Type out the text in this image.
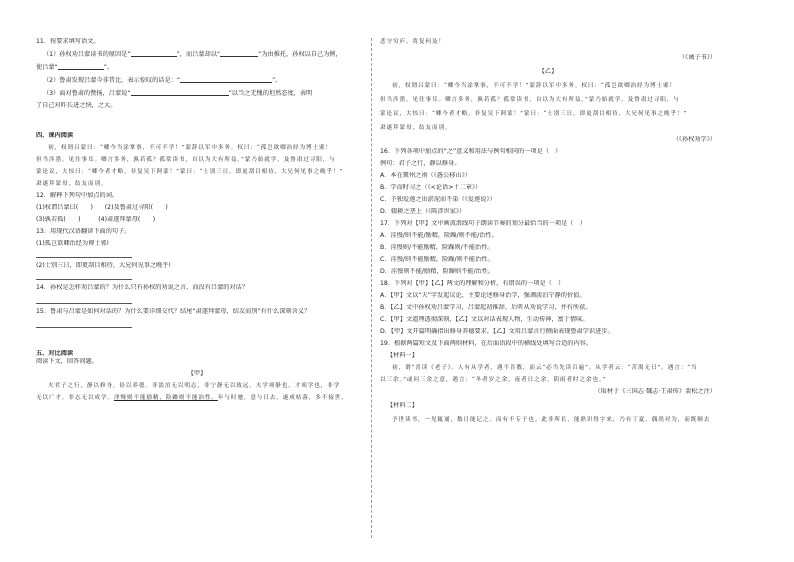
11．按要求填写语文。
（1）孙权劝吕蒙读书的原因是“	”，而吕蒙却以“	”为由推托，孙权以自己为例，
使吕蒙“	”。
（2）鲁肃发现吕蒙今非昔比，表示惊叹的话是：“	”。
（3）面对鲁肃的赞扬，吕蒙说“	”以当之无愧的坦然态度，表明
了自己对昨长进之快，之大。
四、课内阅读
初，权谓吕蒙曰：“卿今当涂掌事，不可不学！”蒙辞以军中多务。权曰：“孤岂欲卿治经为博士邪！
但当涉猎，见往事耳。卿言多务，孰若孤？孤常读书，自以为大有所益。”蒙乃始就学。及鲁肃过寻阳，与
蒙论议，大惊曰：“卿今者才略，非复吴下阿蒙！”蒙曰：“士别三日，即更刮目相待，大兄何见事之晚乎！”
肃遂拜蒙母，结友而别。
12．解释下列句中加点的词。
(1)权谓吕蒙曰(　　) (2)及鲁肃过寻阳(　　)
(3)孰若孤(　　)	(4)肃遂拜蒙母(　　)
13．用现代汉语翻译下面的句子。
(1)孤岂欲卿治经为博士邪!
(2)士别三日，即更刮目相待，大兄何见事之晚乎!
14．孙权是怎样劝吕蒙的？为什么只有孙权的劝说之言，而没有吕蒙的对话？
15．鲁肃与吕蒙是如何对话的？为什么要详细交代？结尾“肃遂拜蒙母，结友而别”有什么深刻含义？
五、对比阅读
阅读下文，回答问题。
【甲】
夫君子之行，静以修身，俭以养德。非淡泊无以明志，非宁静无以致远。夫学须静也，才须学也，非学
无以广才，非志无以成学。淫慢则不能励精，险躁则不能治性。年与时驰，意与日去，遂成枯落，多不接世，
悲守穷庐，将复何及！
（《诫子书》）
【乙】
初，权谓吕蒙曰：“卿今当涂掌事，不可不学！”蒙辞以军中多务。权曰：“孤岂欲卿治经为博士邪！
但当涉猎，见往事耳。卿言多务，孰若孤？孤常读书，自以为大有所益。”蒙乃始就学。及鲁肃过寻阳，与
蒙论议，大惊曰：“卿今者才略，非复吴下阿蒙！”蒙曰：“士别三日，即更刮目相待，大兄何见事之晚乎！”
肃遂拜蒙母，结友而别。
（《孙权劝学》）
16．下列各项中加点的“之”意义和用法与例句相同的一项是（　）
例句：君子之行，静以修身。
A．本在冀州之南（《愚公移山》）
B．学而时习之（《<论语>十二章》）
C．予独爱莲之出淤泥而不染（《爱莲说》）
D．辍耕之垄上（《陈涉世家》）
17．下列对【甲】文中画波浪线句子朗读节奏的划分最恰当的一项是（　）
A．淫慢/则不能/励精，险躁/则不能/治性。
B．淫慢则/不能励精，险躁则/不能治性。
C．淫慢/则不能励精，险躁/则不能治性。
D．淫慢则不能/励精，险躁则不能/治性。
18．下列对【甲】【乙】两文的理解和分析，有错误的一项是（　）
A．【甲】文以“夫”字发起议论，主要论述修身治学，强调淡泊宁静的价值。
B．【乙】文中孙权劝吕蒙学习，吕蒙起初推辞，后听从劝说学习，并有所获。
C．【甲】文道理透彻深刻，【乙】文以对话表现人物，生动传神，富于情味。
D．【甲】文开篇明确指出修身养德要求，【乙】文用吕蒙言行侧面表现鲁肃学识进步。
19．根据两篇短文及下面两则材料，在后面语段中的横线处填写合适的内容。
【材料一】
初，谓“喜读《老子》。人有从学者，遇不肯教，而云“必当先读百遍”。从学者云：“苦渴无日”。遇言：“当
以三余。”或问三余之意，遇言：“冬者岁之余，夜者日之余，阴雨者时之余也。”
（取材于《三国志·魏志·王肃传》裴松之注）
【材料二】
予世读书，一见辄诵，数日能记之。而有不专于也。此非所长，能熟识得字来，乃有丁夏，偶尚对为，而既顺去
